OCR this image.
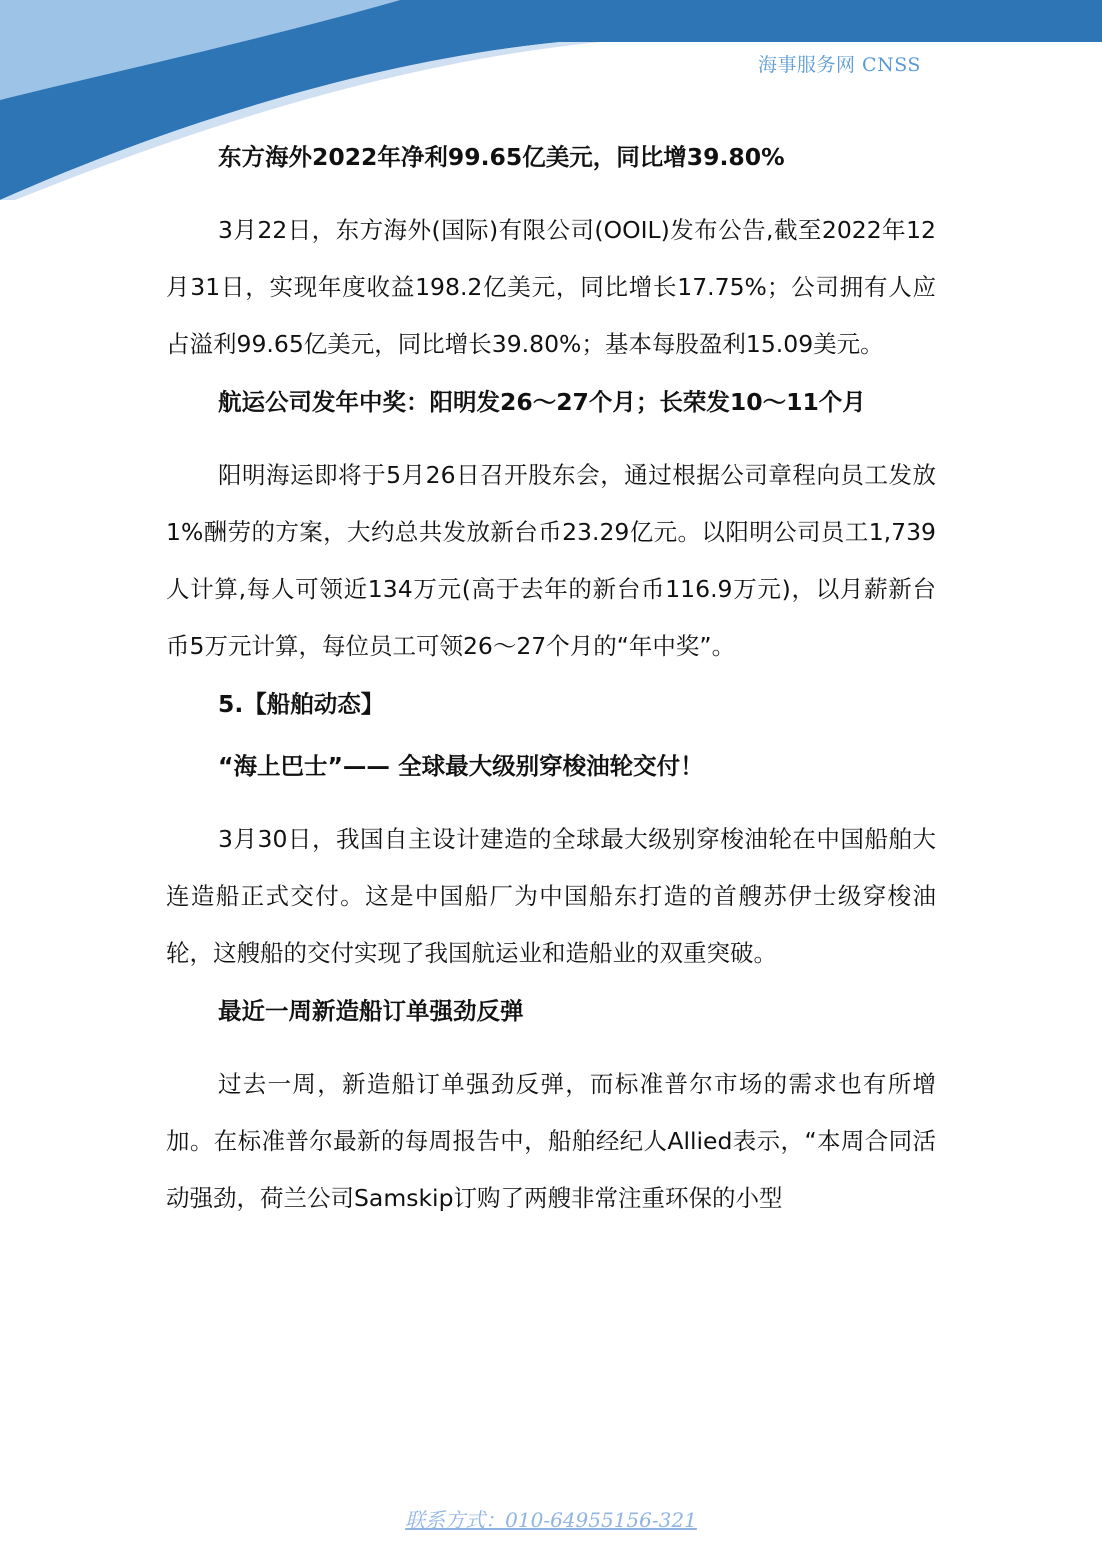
海事服务网 CNSS
东方海外2022年净利99.65亿美元，同比增39.80%

3月22日，东方海外(国际)有限公司(OOIL)发布公告,截至2022年12月31日，实现年度收益198.2亿美元，同比增长17.75%；公司拥有人应占溢利99.65亿美元，同比增长39.80%；基本每股盈利15.09美元。

航运公司发年中奖：阳明发26～27个月；长荣发10～11个月

阳明海运即将于5月26日召开股东会，通过根据公司章程向员工发放1%酬劳的方案，大约总共发放新台币23.29亿元。以阳明公司员工1,739人计算,每人可领近134万元(高于去年的新台币116.9万元)，以月薪新台币5万元计算，每位员工可领26～27个月的“年中奖”。

5.【船舶动态】
“海上巴士”—— 全球最大级别穿梭油轮交付！

3月30日，我国自主设计建造的全球最大级别穿梭油轮在中国船舶大连造船正式交付。这是中国船厂为中国船东打造的首艘苏伊士级穿梭油轮，这艘船的交付实现了我国航运业和造船业的双重突破。

最近一周新造船订单强劲反弹

过去一周，新造船订单强劲反弹，而标准普尔市场的需求也有所增加。在标准普尔最新的每周报告中，船舶经纪人Allied表示，“本周合同活动强劲，荷兰公司Samskip订购了两艘非常注重环保的小型

联系方式：010-64955156-321
